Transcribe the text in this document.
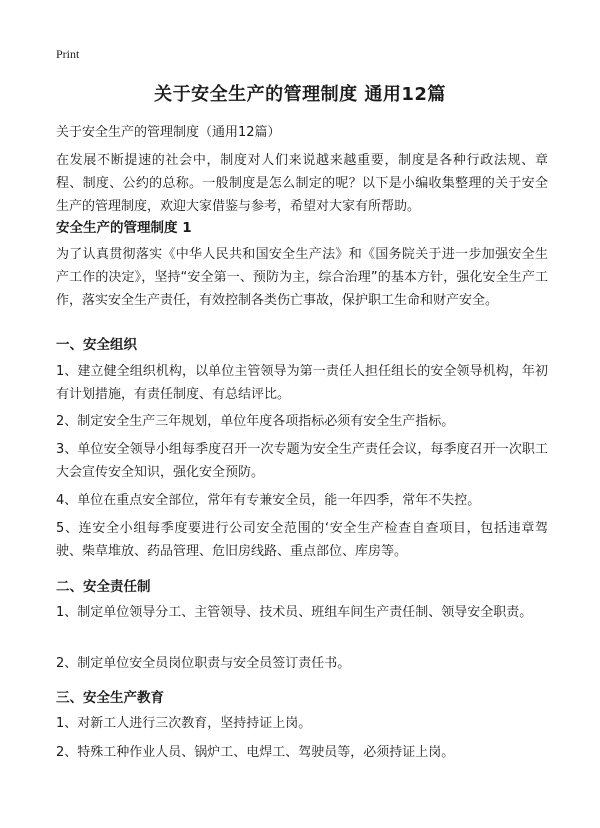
Print
关于安全生产的管理制度 通用12篇

关于安全生产的管理制度（通用12篇）

在发展不断提速的社会中，制度对人们来说越来越重要，制度是各种行政法规、章程、制度、公约的总称。一般制度是怎么制定的呢？以下是小编收集整理的关于安全生产的管理制度，欢迎大家借鉴与参考，希望对大家有所帮助。

安全生产的管理制度 1

为了认真贯彻落实《中华人民共和国安全生产法》和《国务院关于进一步加强安全生产工作的决定》，坚持“安全第一、预防为主，综合治理”的基本方针，强化安全生产工作，落实安全生产责任，有效控制各类伤亡事故，保护职工生命和财产安全。

一、安全组织

1、建立健全组织机构，以单位主管领导为第一责任人担任组长的安全领导机构，年初有计划措施，有责任制度、有总结评比。

2、制定安全生产三年规划，单位年度各项指标必须有安全生产指标。

3、单位安全领导小组每季度召开一次专题为安全生产责任会议，每季度召开一次职工大会宣传安全知识，强化安全预防。

4、单位在重点安全部位，常年有专兼安全员，能一年四季，常年不失控。

5、连安全小组每季度要进行公司安全范围的‘安全生产检查自查项目，包括违章驾驶、柴草堆放、药品管理、危旧房线路、重点部位、库房等。

二、安全责任制

1、制定单位领导分工、主管领导、技术员、班组车间生产责任制、领导安全职责。

2、制定单位安全员岗位职责与安全员签订责任书。

三、安全生产教育

1、对新工人进行三次教育，坚持持证上岗。

2、特殊工种作业人员、锅炉工、电焊工、驾驶员等，必须持证上岗。
